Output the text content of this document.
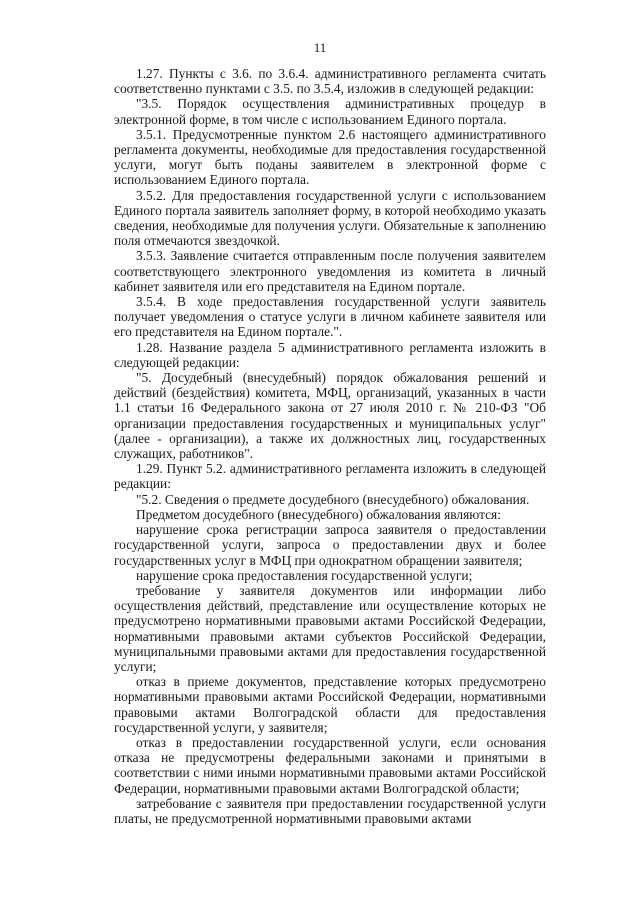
11

1.27. Пункты с 3.6. по 3.6.4. административного регламента считать соответственно пунктами с 3.5. по 3.5.4, изложив в следующей редакции:

"3.5. Порядок осуществления административных процедур в электронной форме, в том числе с использованием Единого портала.

3.5.1. Предусмотренные пунктом 2.6 настоящего административного регламента документы, необходимые для предоставления государственной услуги, могут быть поданы заявителем в электронной форме с использованием Единого портала.

3.5.2. Для предоставления государственной услуги с использованием Единого портала заявитель заполняет форму, в которой необходимо указать сведения, необходимые для получения услуги. Обязательные к заполнению поля отмечаются звездочкой.

3.5.3. Заявление считается отправленным после получения заявителем соответствующего электронного уведомления из комитета в личный кабинет заявителя или его представителя на Едином портале.

3.5.4. В ходе предоставления государственной услуги заявитель получает уведомления о статусе услуги в личном кабинете заявителя или его представителя на Едином портале.".

1.28. Название раздела 5 административного регламента изложить в следующей редакции:

"5. Досудебный (внесудебный) порядок обжалования решений и действий (бездействия) комитета, МФЦ, организаций, указанных в части 1.1 статьи 16 Федерального закона от 27 июля 2010 г. № 210-ФЗ "Об организации предоставления государственных и муниципальных услуг" (далее - организации), а также их должностных лиц, государственных служащих, работников".

1.29. Пункт 5.2. административного регламента изложить в следующей редакции:

"5.2. Сведения о предмете досудебного (внесудебного) обжалования.

Предметом досудебного (внесудебного) обжалования являются:

нарушение срока регистрации запроса заявителя о предоставлении государственной услуги, запроса о предоставлении двух и более государственных услуг в МФЦ при однократном обращении заявителя;

нарушение срока предоставления государственной услуги;

требование у заявителя документов или информации либо осуществления действий, представление или осуществление которых не предусмотрено нормативными правовыми актами Российской Федерации, нормативными правовыми актами субъектов Российской Федерации, муниципальными правовыми актами для предоставления государственной услуги;

отказ в приеме документов, представление которых предусмотрено нормативными правовыми актами Российской Федерации, нормативными правовыми актами Волгоградской области для предоставления государственной услуги, у заявителя;

отказ в предоставлении государственной услуги, если основания отказа не предусмотрены федеральными законами и принятыми в соответствии с ними иными нормативными правовыми актами Российской Федерации, нормативными правовыми актами Волгоградской области;

затребование с заявителя при предоставлении государственной услуги платы, не предусмотренной нормативными правовыми актами
